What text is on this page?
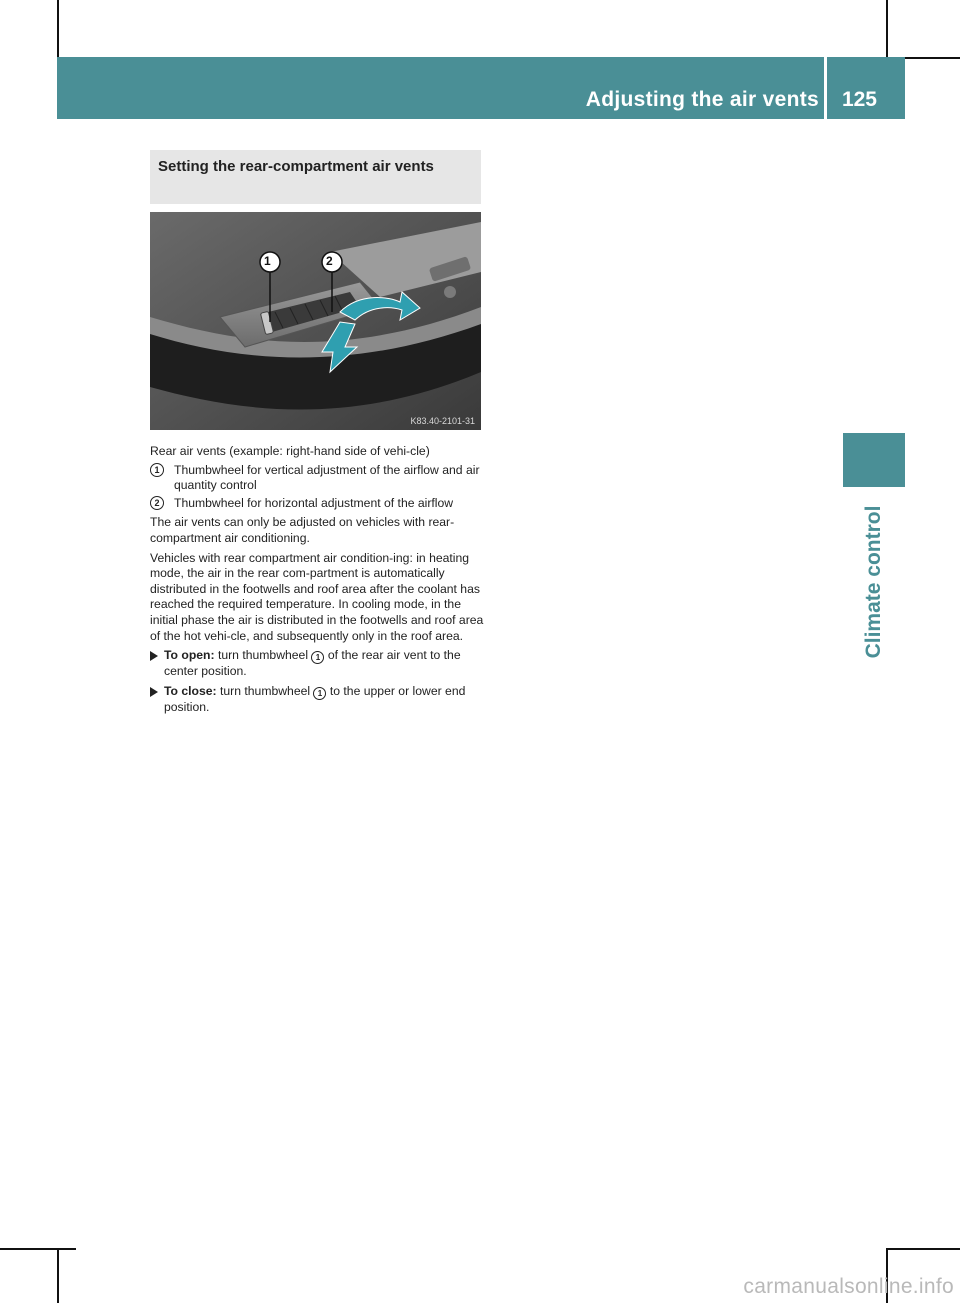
Adjusting the air vents 125
Climate control
Setting the rear-compartment air vents
1	2
K83.40-2101-31

Rear air vents (example: right-hand side of vehi-cle)

1	Thumbwheel for vertical adjustment of the airflow and air quantity control
2	Thumbwheel for horizontal adjustment of the airflow

The air vents can only be adjusted on vehicles with rear-compartment air conditioning.

Vehicles with rear compartment air condition-ing: in heating mode, the air in the rear com-partment is automatically distributed in the footwells and roof area after the coolant has reached the required temperature. In cooling mode, in the initial phase the air is distributed in the footwells and roof area of the hot vehi-cle, and subsequently only in the roof area.

To open: turn thumbwheel 1 of the rear air vent to the center position.
To close: turn thumbwheel 1 to the upper or lower end position.
carmanualsonline.info
